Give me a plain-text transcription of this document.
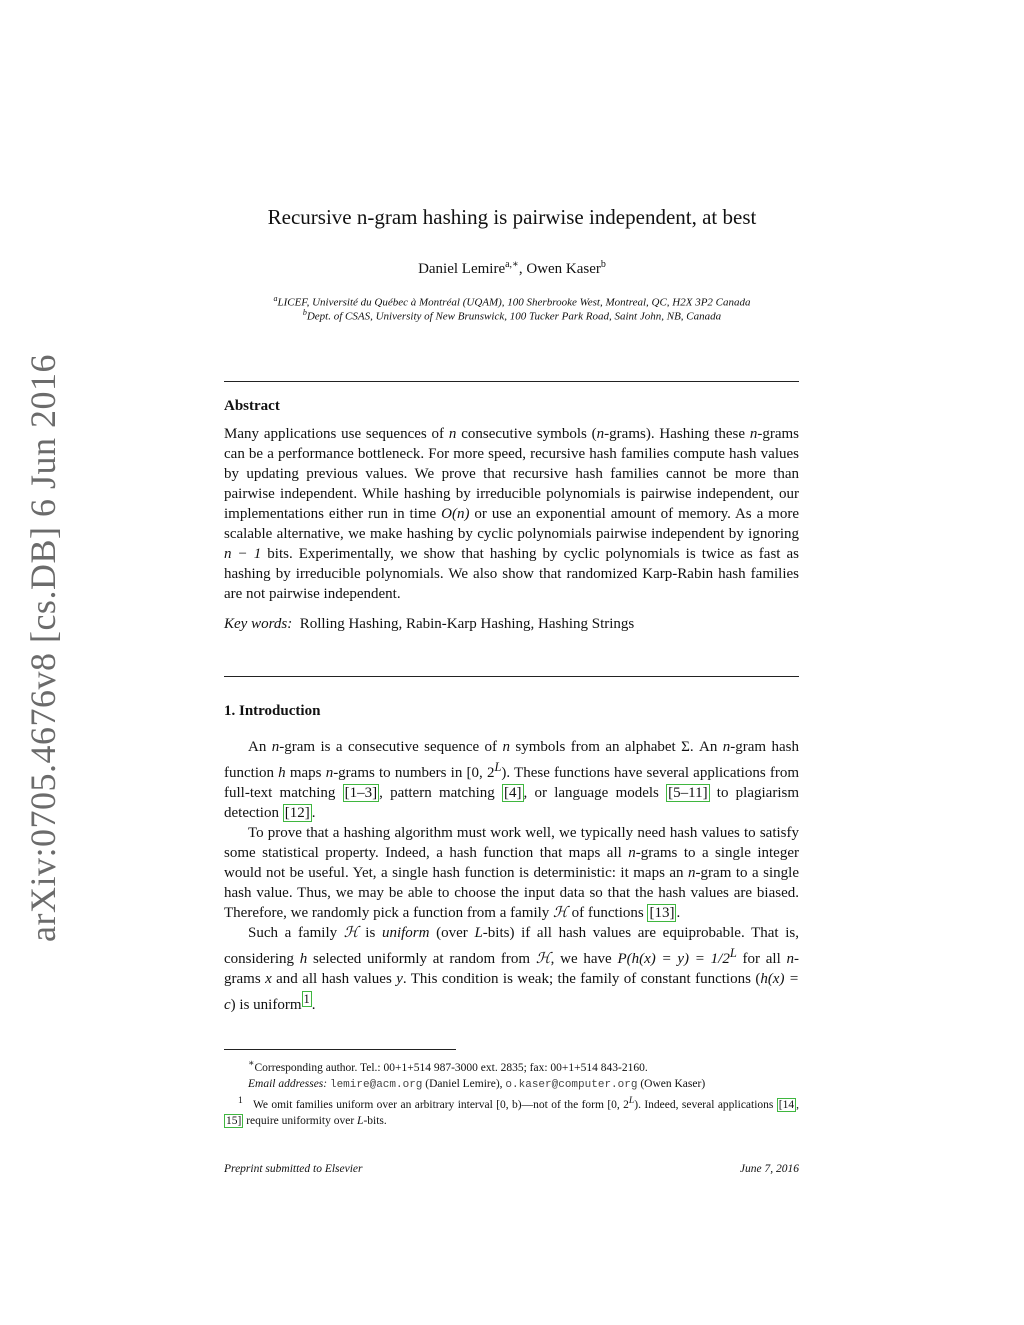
arXiv:0705.4676v8 [cs.DB] 6 Jun 2016
Recursive n-gram hashing is pairwise independent, at best
Daniel Lemire$^{a,∗}$, Owen Kaser$^b$
$^a$LICEF, Université du Québec à Montréal (UQAM), 100 Sherbrooke West, Montreal, QC, H2X 3P2 Canada
$^b$Dept. of CSAS, University of New Brunswick, 100 Tucker Park Road, Saint John, NB, Canada
Abstract
Many applications use sequences of n consecutive symbols (n-grams). Hashing these n-grams can be a performance bottleneck. For more speed, recursive hash families compute hash values by updating previous values. We prove that recursive hash families cannot be more than pairwise independent. While hashing by irreducible polynomials is pairwise independent, our implementations either run in time O(n) or use an exponential amount of memory. As a more scalable alternative, we make hashing by cyclic polynomials pairwise independent by ignoring n − 1 bits. Experimentally, we show that hashing by cyclic polynomials is twice as fast as hashing by irreducible polynomials. We also show that randomized Karp-Rabin hash families are not pairwise independent.
Key words: Rolling Hashing, Rabin-Karp Hashing, Hashing Strings
1. Introduction
An n-gram is a consecutive sequence of n symbols from an alphabet Σ. An n-gram hash function h maps n-grams to numbers in [0, $2^L$). These functions have several applications from full-text matching [1–3] , pattern matching [4] , or language models [5–11] to plagiarism detection [12] .
To prove that a hashing algorithm must work well, we typically need hash values to satisfy some statistical property. Indeed, a hash function that maps all n-grams to a single integer would not be useful. Yet, a single hash function is deterministic: it maps an n-gram to a single hash value. Thus, we may be able to choose the input data so that the hash values are biased. Therefore, we randomly pick a function from a family ℋ of functions [13] .
Such a family ℋ is uniform (over L-bits) if all hash values are equiprobable. That is, considering h selected uniformly at random from ℋ, we have $P(h(x) = y) = 1/2^L$ for all n-grams x and all hash values y. This condition is weak; the family of constant functions (h(x) = c) is uniform $^1$ .
∗Corresponding author. Tel.: 00+1+514 987-3000 ext. 2835; fax: 00+1+514 843-2160.
Email addresses: lemire@acm.org (Daniel Lemire), o.kaser@computer.org (Owen Kaser)
$^1$ We omit families uniform over an arbitrary interval [0, b)—not of the form [0, $2^L$). Indeed, several applications [14 , 15] require uniformity over L-bits.
Preprint submitted to Elsevier	June 7, 2016
